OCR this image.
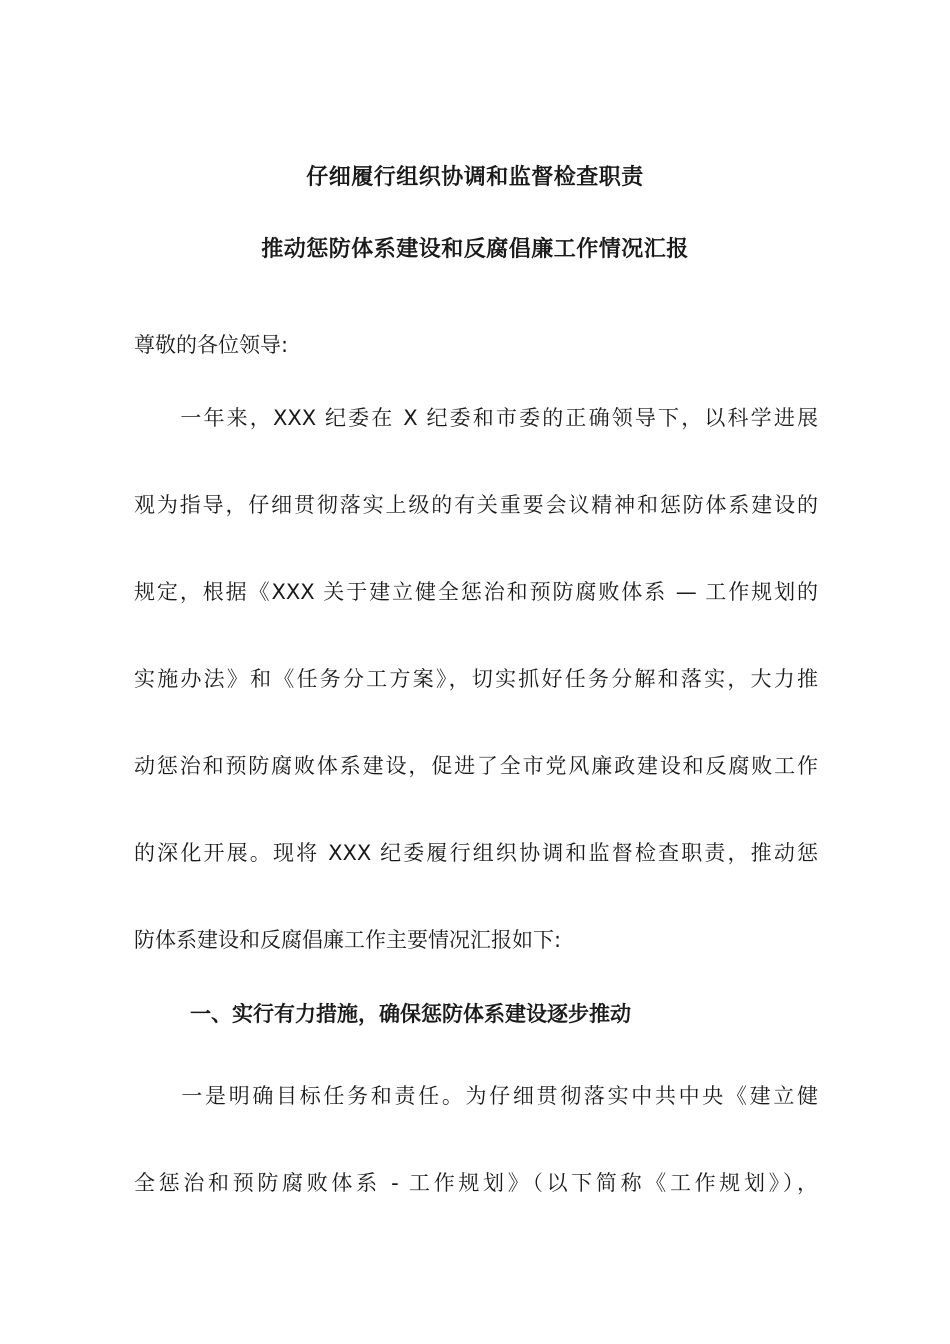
仔细履行组织协调和监督检查职责
推动惩防体系建设和反腐倡廉工作情况汇报
尊敬的各位领导:
　　一年来，XXX 纪委在 X 纪委和市委的正确领导下，以科学进展
观为指导，仔细贯彻落实上级的有关重要会议精神和惩防体系建设的
规定，根据《XXX 关于建立健全惩治和预防腐败体系 — 工作规划的
实施办法》和《任务分工方案》，切实抓好任务分解和落实，大力推
动惩治和预防腐败体系建设，促进了全市党风廉政建设和反腐败工作
的深化开展。现将 XXX 纪委履行组织协调和监督检查职责，推动惩
防体系建设和反腐倡廉工作主要情况汇报如下:
一、实行有力措施，确保惩防体系建设逐步推动
　　一是明确目标任务和责任。为仔细贯彻落实中共中央《建立健
全惩治和预防腐败体系 - 工作规划》（以下简称《工作规划》），
